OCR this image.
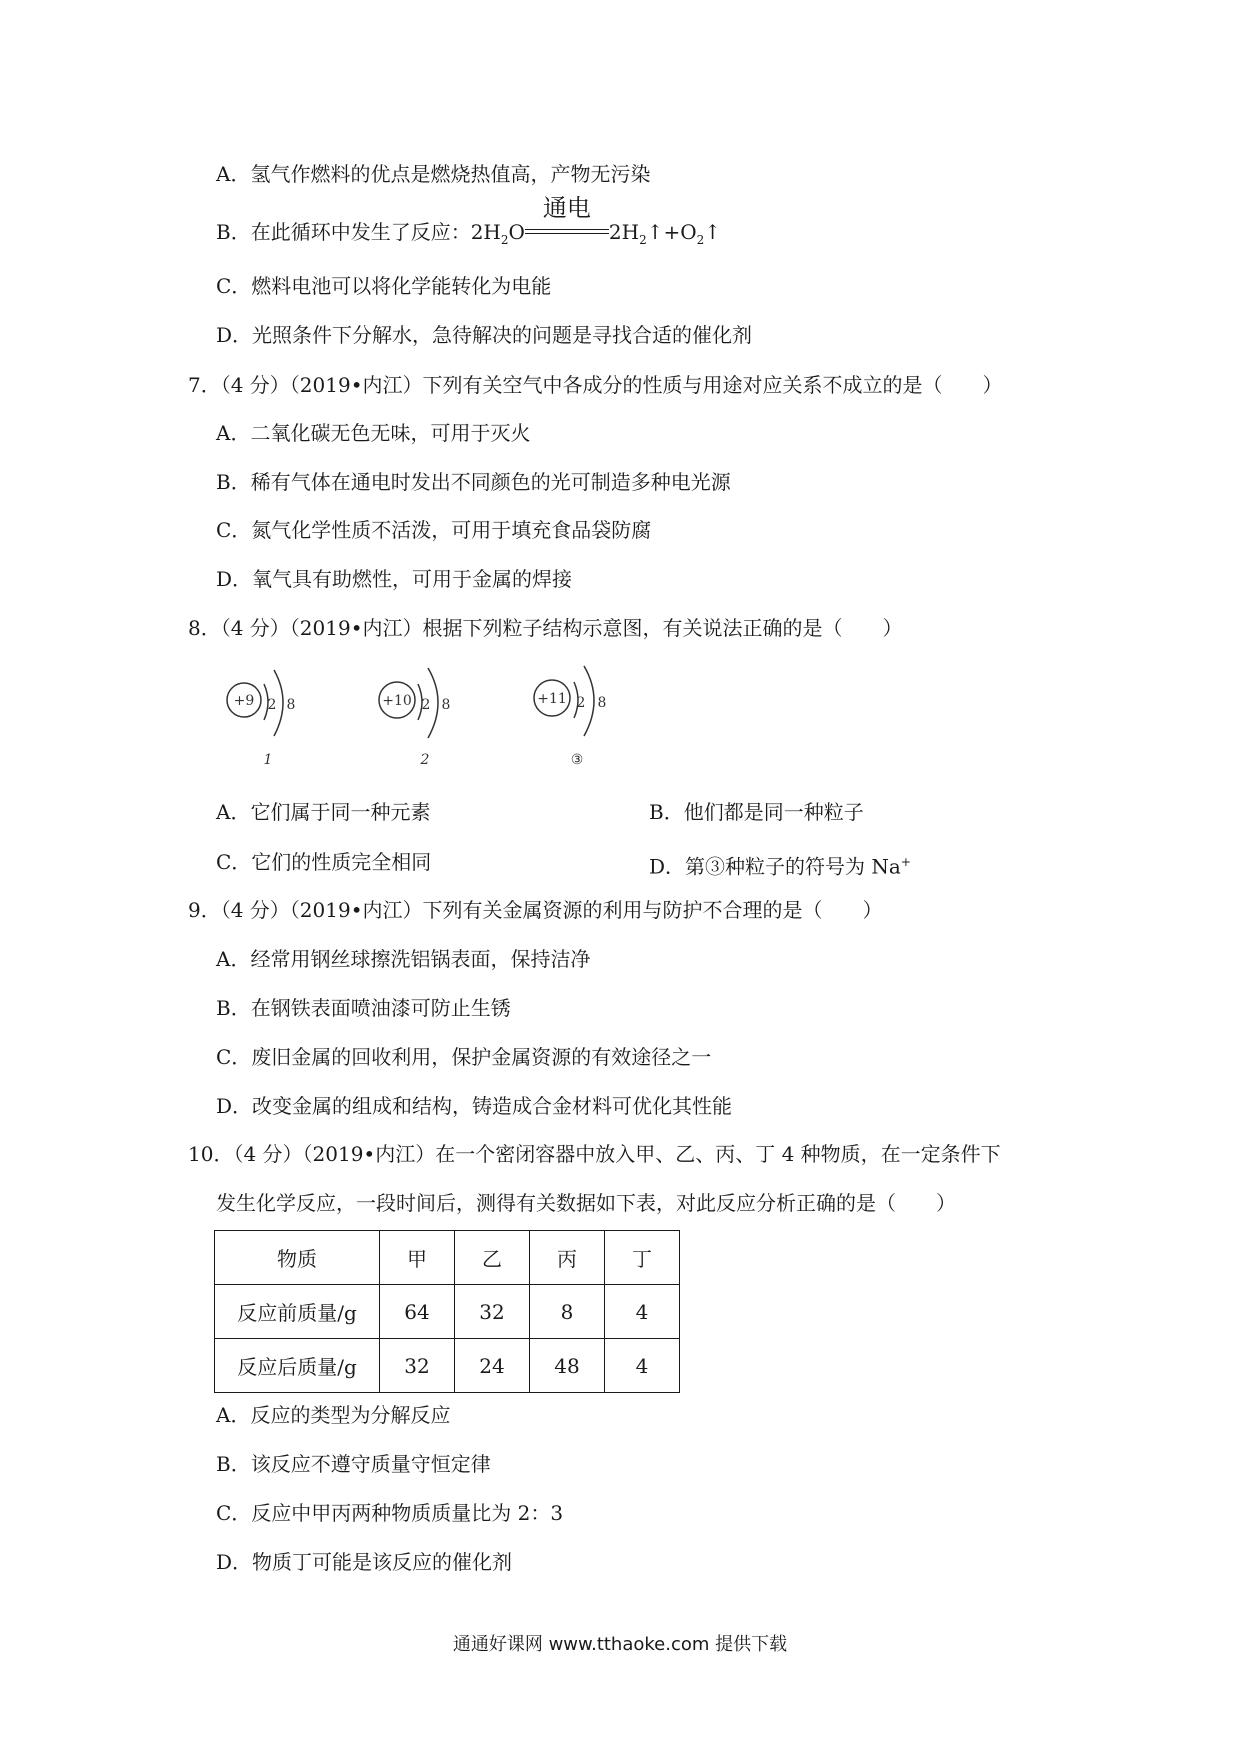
A．氢气作燃料的优点是燃烧热值高，产物无污染
B．在此循环中发生了反应：$2H_2O$
通电
$2H_2↑+O_2↑$
C．燃料电池可以将化学能转化为电能
D．光照条件下分解水，急待解决的问题是寻找合适的催化剂
7．（4 分）（2019•内江）下列有关空气中各成分的性质与用途对应关系不成立的是（　　）
A．二氧化碳无色无味，可用于灭火
B．稀有气体在通电时发出不同颜色的光可制造多种电光源
C．氮气化学性质不活泼，可用于填充食品袋防腐
D．氧气具有助燃性，可用于金属的焊接
8．（4 分）（2019•内江）根据下列粒子结构示意图，有关说法正确的是（　　）
+9 2 8
1
+10 2 8
2
+11 2 8
③
A．它们属于同一种元素	B．他们都是同一种粒子
C．它们的性质完全相同	D．第③种粒子的符号为 Na+
9．（4 分）（2019•内江）下列有关金属资源的利用与防护不合理的是（　　）
A．经常用钢丝球擦洗铝锅表面，保持洁净
B．在钢铁表面喷油漆可防止生锈
C．废旧金属的回收利用，保护金属资源的有效途径之一
D．改变金属的组成和结构，铸造成合金材料可优化其性能
10．（4 分）（2019•内江）在一个密闭容器中放入甲、乙、丙、丁 4 种物质，在一定条件下
发生化学反应，一段时间后，测得有关数据如下表，对此反应分析正确的是（　　）
物质	甲	乙	丙	丁
反应前质量/g	64	32	8	4
反应后质量/g	32	24	48	4
A．反应的类型为分解反应
B．该反应不遵守质量守恒定律
C．反应中甲丙两种物质质量比为 2：3
D．物质丁可能是该反应的催化剂
通通好课网 www.tthaoke.com 提供下载
